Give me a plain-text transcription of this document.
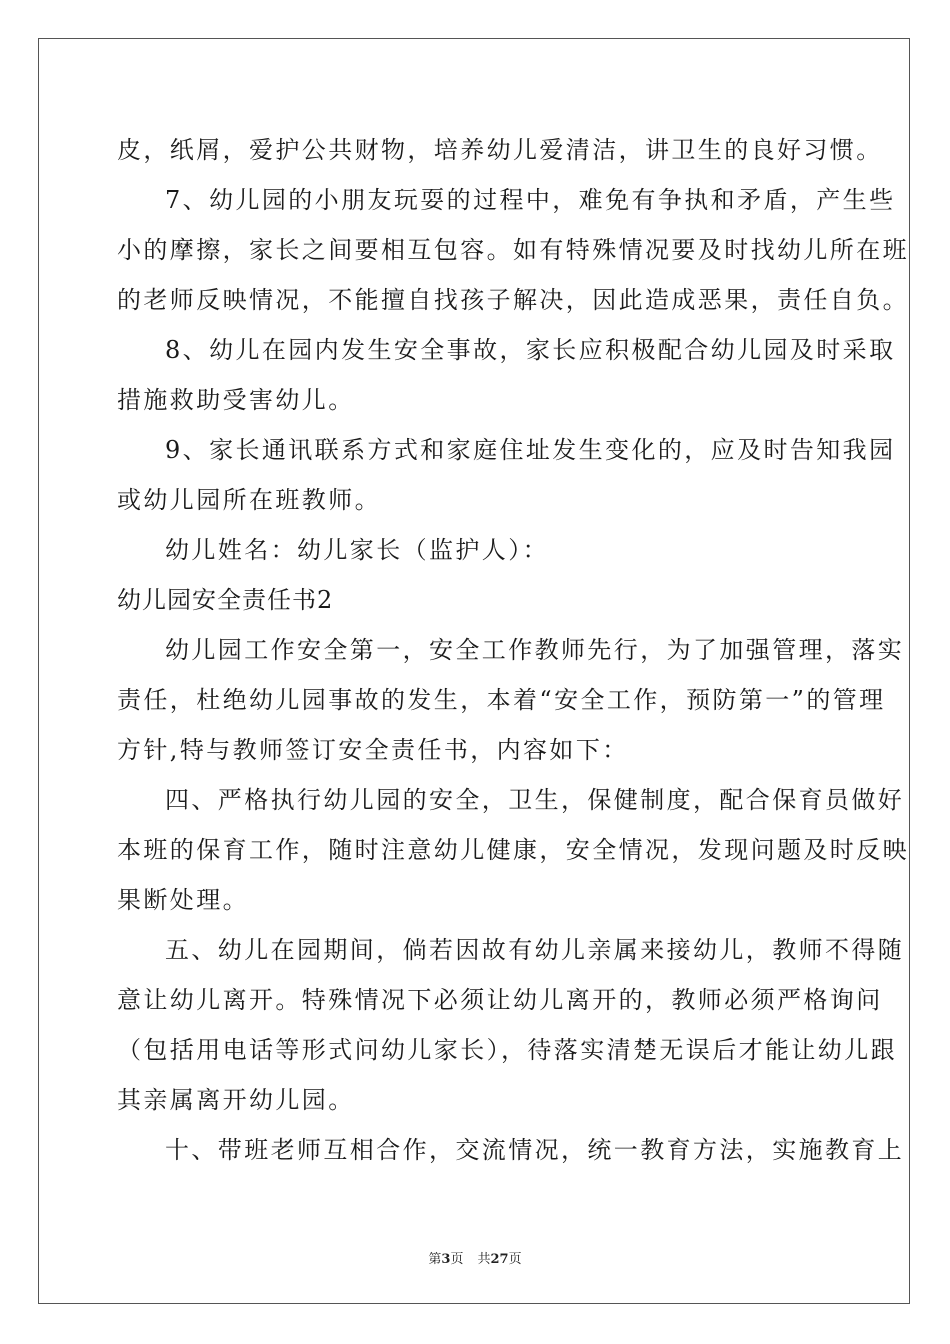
皮，纸屑，爱护公共财物，培养幼儿爱清洁，讲卫生的良好习惯。
7、幼儿园的小朋友玩耍的过程中，难免有争执和矛盾，产生些
小的摩擦，家长之间要相互包容。如有特殊情况要及时找幼儿所在班
的老师反映情况，不能擅自找孩子解决，因此造成恶果，责任自负。
8、幼儿在园内发生安全事故，家长应积极配合幼儿园及时采取
措施救助受害幼儿。
9、家长通讯联系方式和家庭住址发生变化的，应及时告知我园
或幼儿园所在班教师。
幼儿姓名：幼儿家长（监护人）：
幼儿园安全责任书2
幼儿园工作安全第一，安全工作教师先行，为了加强管理，落实
责任，杜绝幼儿园事故的发生，本着“安全工作，预防第一”的管理
方针,特与教师签订安全责任书，内容如下：
四、严格执行幼儿园的安全，卫生，保健制度，配合保育员做好
本班的保育工作，随时注意幼儿健康，安全情况，发现问题及时反映
果断处理。
五、幼儿在园期间，倘若因故有幼儿亲属来接幼儿，教师不得随
意让幼儿离开。特殊情况下必须让幼儿离开的，教师必须严格询问
（包括用电话等形式问幼儿家长），待落实清楚无误后才能让幼儿跟
其亲属离开幼儿园。
十、带班老师互相合作，交流情况，统一教育方法，实施教育上
第3页 共27页
